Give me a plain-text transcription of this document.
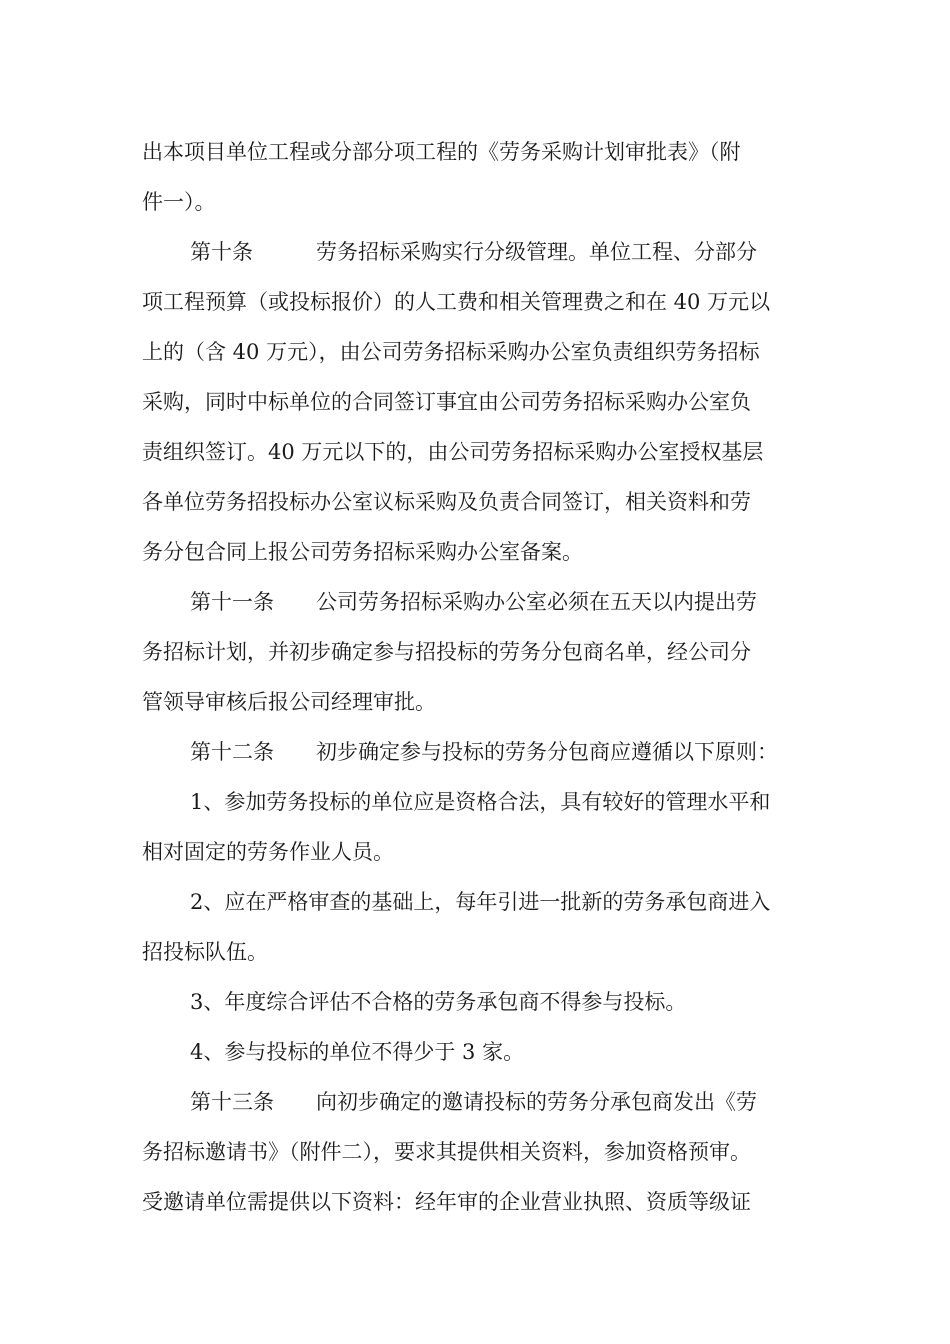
出本项目单位工程或分部分项工程的《劳务采购计划审批表》（附
件一）。
第十条　　　劳务招标采购实行分级管理。单位工程、分部分
项工程预算（或投标报价）的人工费和相关管理费之和在 40 万元以
上的（含 40 万元），由公司劳务招标采购办公室负责组织劳务招标
采购，同时中标单位的合同签订事宜由公司劳务招标采购办公室负
责组织签订。40 万元以下的，由公司劳务招标采购办公室授权基层
各单位劳务招投标办公室议标采购及负责合同签订，相关资料和劳
务分包合同上报公司劳务招标采购办公室备案。
第十一条　　公司劳务招标采购办公室必须在五天以内提出劳
务招标计划，并初步确定参与招投标的劳务分包商名单，经公司分
管领导审核后报公司经理审批。
第十二条　　初步确定参与投标的劳务分包商应遵循以下原则：
1、参加劳务投标的单位应是资格合法，具有较好的管理水平和
相对固定的劳务作业人员。
2、应在严格审查的基础上，每年引进一批新的劳务承包商进入
招投标队伍。
3、年度综合评估不合格的劳务承包商不得参与投标。
4、参与投标的单位不得少于 3 家。
第十三条　　向初步确定的邀请投标的劳务分承包商发出《劳
务招标邀请书》（附件二），要求其提供相关资料，参加资格预审。
受邀请单位需提供以下资料：经年审的企业营业执照、资质等级证
